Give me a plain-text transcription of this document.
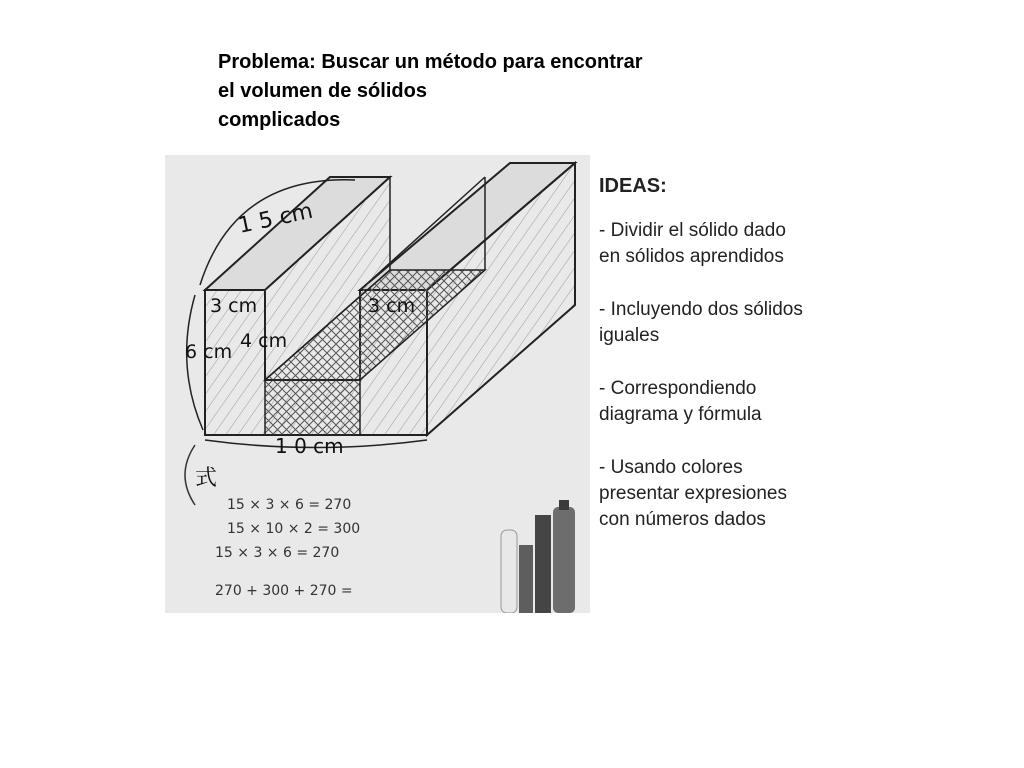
Problema: Buscar un método para encontrar
el volumen de sólidos
complicados
1 5 cm
3 cm	3 cm
6 cm 4 cm
1 0 cm
式
15 × 3 × 6 = 270
15 × 10 × 2 = 300
15 × 3 × 6 = 270
270 + 300 + 270 =
IDEAS:
- Dividir el sólido dado
en sólidos aprendidos
- Incluyendo dos sólidos
iguales
- Correspondiendo
diagrama y fórmula
- Usando colores
presentar expresiones
con números dados
